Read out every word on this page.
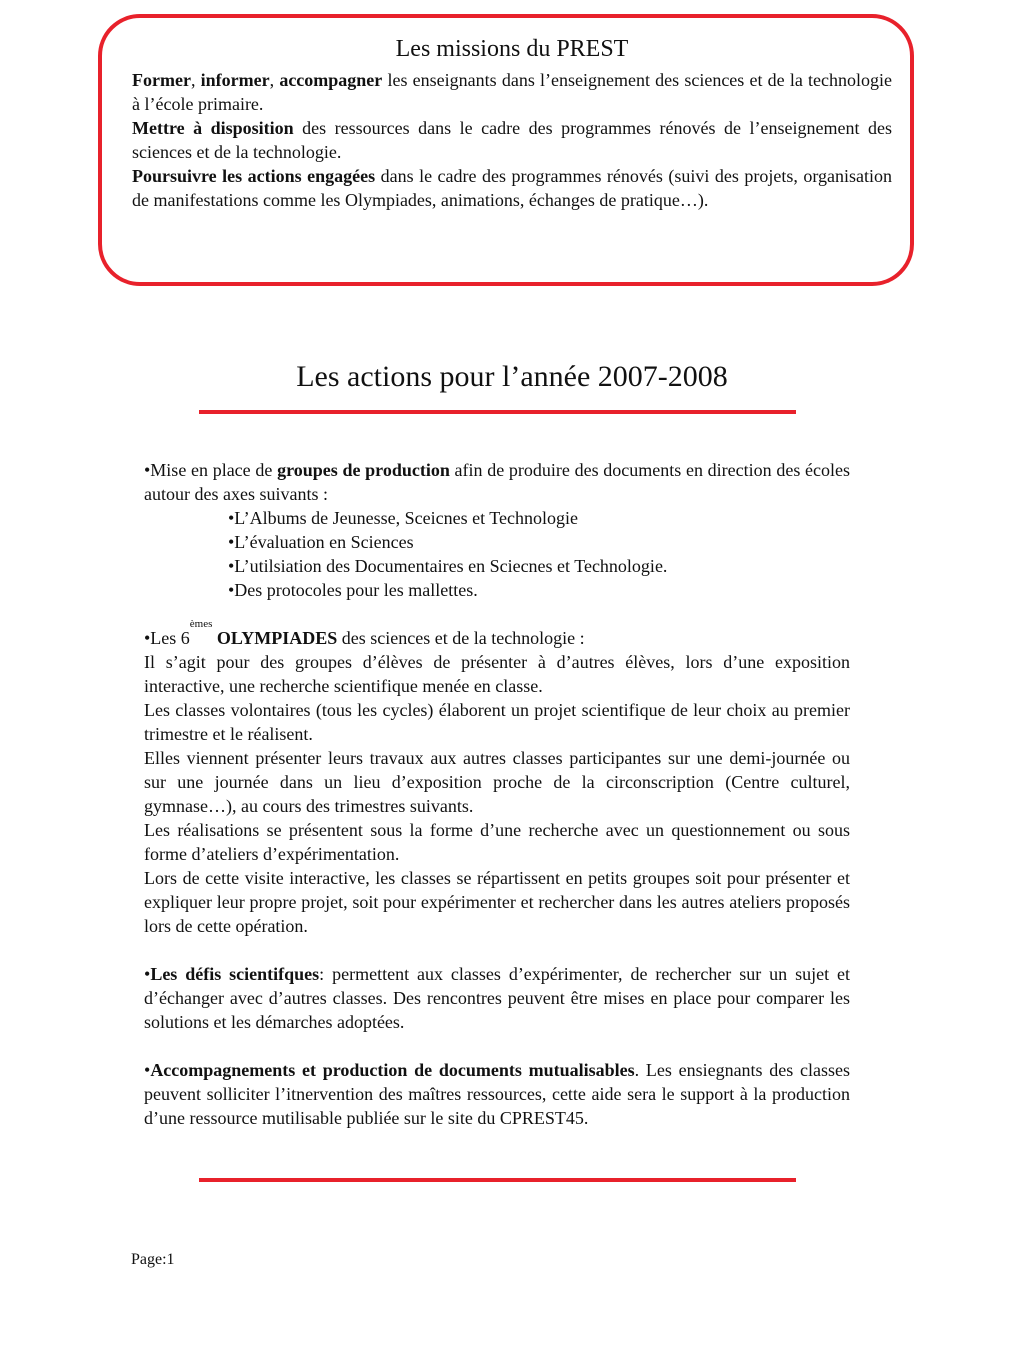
Les missions du PREST

Former, informer, accompagner les enseignants dans l’enseignement des sciences et de la technologie à l’école primaire.

Mettre à disposition des ressources dans le cadre des programmes rénovés de l’enseignement des sciences et de la technologie.

Poursuivre les actions engagées dans le cadre des programmes rénovés (suivi des projets, organisation de manifestations comme les Olympiades, animations, échanges de pratique…).

Les actions pour l’année 2007-2008

•Mise en place de groupes de production afin de produire des documents en direction des écoles autour des axes suivants :

•L’Albums de Jeunesse, Sceicnes et Technologie
•L’évaluation en Sciences
•L’utilsiation des Documentaires en Sciecnes et Technologie.
•Des protocoles pour les mallettes.

•Les 6èmes OLYMPIADES des sciences et de la technologie :

Il s’agit pour des groupes d’élèves de présenter à d’autres élèves, lors d’une exposition interactive, une recherche scientifique menée en classe.

Les classes volontaires (tous les cycles) élaborent un projet scientifique de leur choix au premier trimestre et le réalisent.

Elles viennent présenter leurs travaux aux autres classes participantes sur une demi-journée ou sur une journée dans un lieu d’exposition proche de la circonscription (Centre culturel, gymnase…), au cours des trimestres suivants.

Les réalisations se présentent sous la forme d’une recherche avec un questionnement ou sous forme d’ateliers d’expérimentation.

Lors de cette visite interactive, les classes se répartissent en petits groupes soit pour présenter et expliquer leur propre projet, soit pour expérimenter et rechercher dans les autres ateliers proposés lors de cette opération.

•Les défis scientifques: permettent aux classes d’expérimenter, de rechercher sur un sujet et d’échanger avec d’autres classes. Des rencontres peuvent être mises en place pour comparer les solutions et les démarches adoptées.

•Accompagnements et production de documents mutualisables. Les ensiegnants des classes peuvent solliciter l’itnervention des maîtres ressources, cette aide sera le support à la production d’une ressource mutilisable publiée sur le site du CPREST45.

Page:1
